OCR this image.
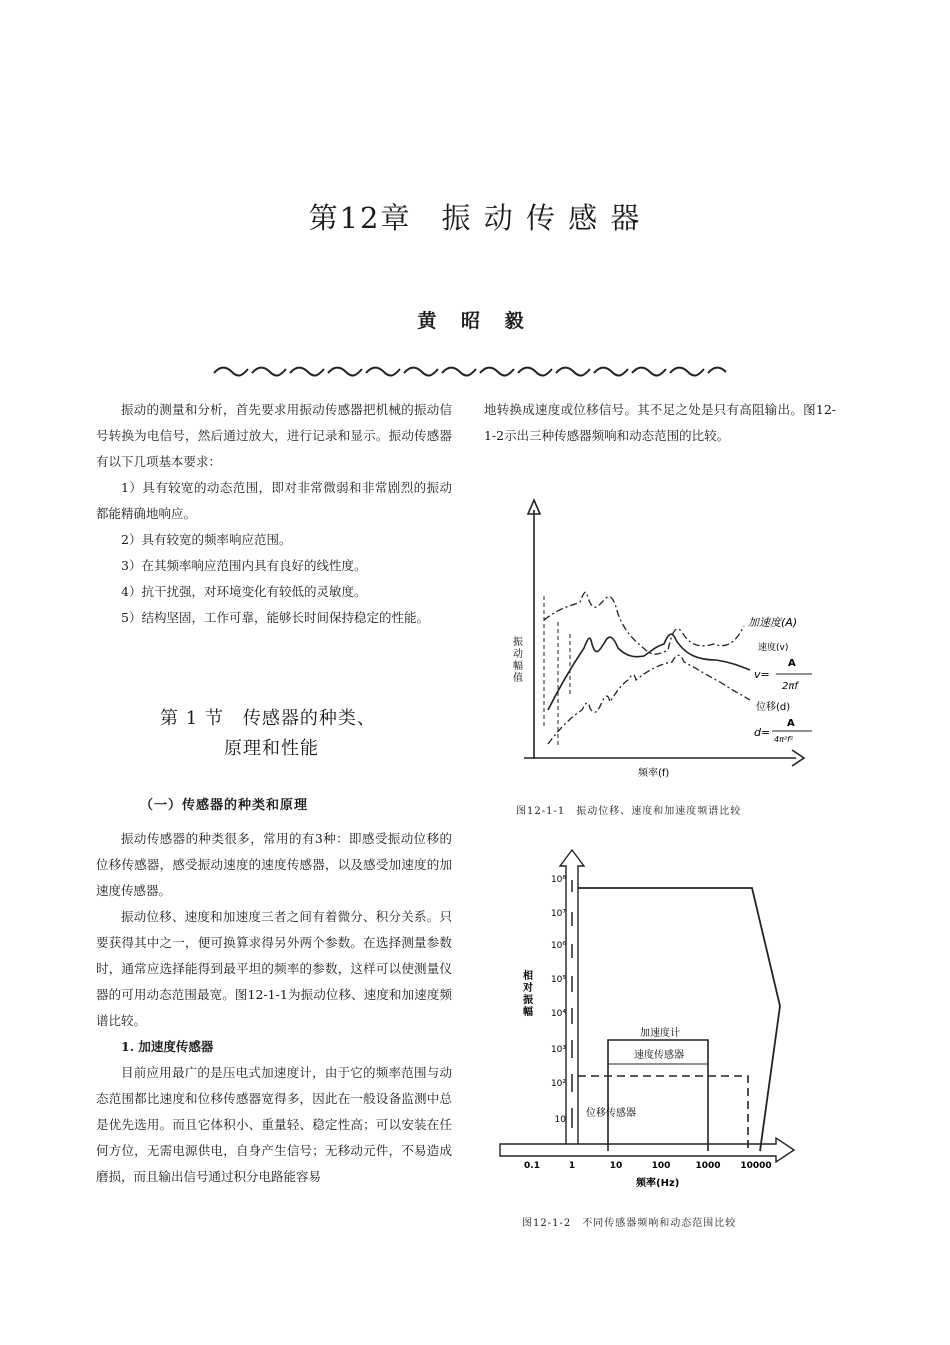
第12章 振 动 传 感 器
黄 昭 毅

振动的测量和分析，首先要求用振动传感器把机械的振动信号转换为电信号，然后通过放大，进行记录和显示。振动传感器有以下几项基本要求：

1）具有较宽的动态范围，即对非常微弱和非常剧烈的振动都能精确地响应。

2）具有较宽的频率响应范围。

3）在其频率响应范围内具有良好的线性度。

4）抗干扰强，对环境变化有较低的灵敏度。

5）结构坚固，工作可靠，能够长时间保持稳定的性能。

第 1 节　传感器的种类、
原理和性能
（一）传感器的种类和原理

振动传感器的种类很多，常用的有3种：即感受振动位移的位移传感器，感受振动速度的速度传感器，以及感受加速度的加速度传感器。

振动位移、速度和加速度三者之间有着微分、积分关系。只要获得其中之一，便可换算求得另外两个参数。在选择测量参数时，通常应选择能得到最平坦的频率的参数，这样可以使测量仪器的可用动态范围最宽。图12-1-1为振动位移、速度和加速度频谱比较。

1. 加速度传感器

目前应用最广的是压电式加速度计，由于它的频率范围与动态范围都比速度和位移传感器宽得多，因此在一般设备监测中总是优先选用。而且它体积小、重量轻、稳定性高；可以安装在任何方位，无需电源供电，自身产生信号；无移动元件，不易造成磨损，而且输出信号通过积分电路能容易

地转换成速度或位移信号。其不足之处是只有高阻输出。图12-1-2示出三种传感器频响和动态范围的比较。
振动幅值
加速度(A)
速度(v)
v=
A
2πf
位移(d)
d=
A
4π²f²
频率(f)
图12-1-1　振动位移、速度和加速度频谱比较
10⁸
10⁷
10⁶
10⁵
10⁴
10³
10²
10
加速度计
速度传感器
位移传感器
相对振幅
0.1	1	10	100	1000 10000
频率(Hz)
图12-1-2　不同传感器频响和动态范围比较
